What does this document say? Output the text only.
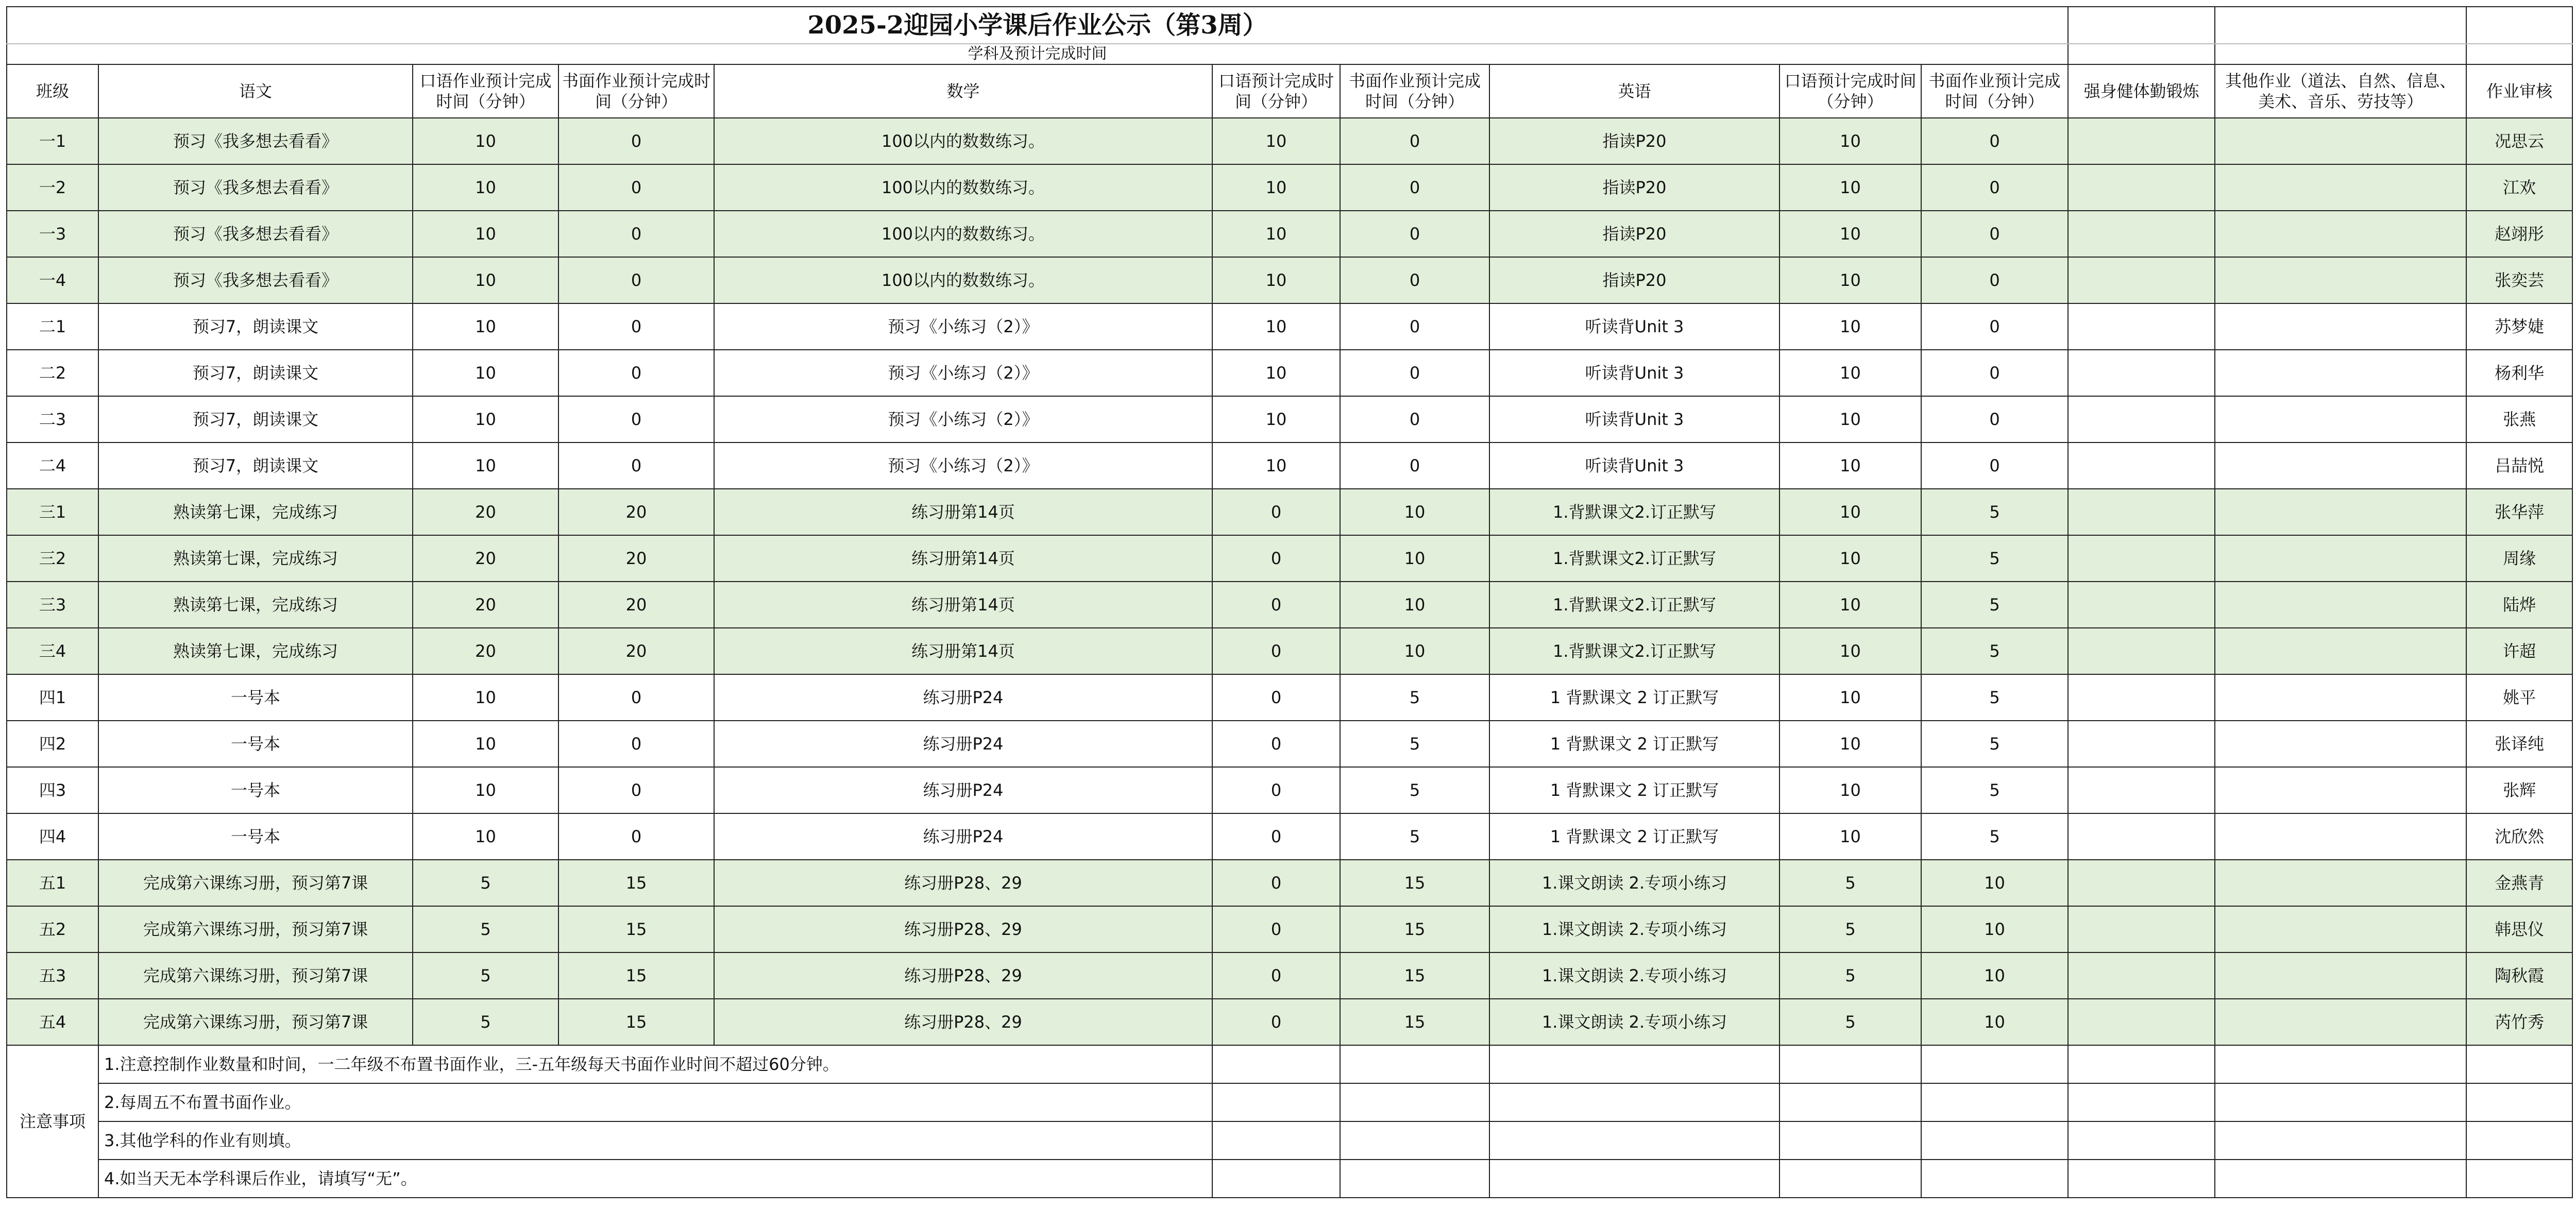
2025-2迎园小学课后作业公示（第3周）												
学科及预计完成时间												
班级	语文	口语作业预计完成时间（分钟）	书面作业预计完成时间（分钟）	数学	口语预计完成时间（分钟）	书面作业预计完成时间（分钟）	英语	口语预计完成时间（分钟）	书面作业预计完成时间（分钟）	强身健体勤锻炼	其他作业（道法、自然、信息、美术、音乐、劳技等）	作业审核
一1	预习《我多想去看看》	10	0	100以内的数数练习。	10	0	指读P20	10	0			况思云
一2	预习《我多想去看看》	10	0	100以内的数数练习。	10	0	指读P20	10	0			江欢
一3	预习《我多想去看看》	10	0	100以内的数数练习。	10	0	指读P20	10	0			赵翊彤
一4	预习《我多想去看看》	10	0	100以内的数数练习。	10	0	指读P20	10	0			张奕芸
二1	预习7，朗读课文	10	0	预习《小练习（2）》	10	0	听读背Unit 3	10	0			苏梦婕
二2	预习7，朗读课文	10	0	预习《小练习（2）》	10	0	听读背Unit 3	10	0			杨利华
二3	预习7，朗读课文	10	0	预习《小练习（2）》	10	0	听读背Unit 3	10	0			张燕
二4	预习7，朗读课文	10	0	预习《小练习（2）》	10	0	听读背Unit 3	10	0			吕喆悦
三1	熟读第七课，完成练习	20	20	练习册第14页	0	10	1.背默课文2.订正默写	10	5			张华萍
三2	熟读第七课，完成练习	20	20	练习册第14页	0	10	1.背默课文2.订正默写	10	5			周缘
三3	熟读第七课，完成练习	20	20	练习册第14页	0	10	1.背默课文2.订正默写	10	5			陆烨
三4	熟读第七课，完成练习	20	20	练习册第14页	0	10	1.背默课文2.订正默写	10	5			许超
四1	一号本	10	0	练习册P24	0	5	1 背默课文 2 订正默写	10	5			姚平
四2	一号本	10	0	练习册P24	0	5	1 背默课文 2 订正默写	10	5			张译纯
四3	一号本	10	0	练习册P24	0	5	1 背默课文 2 订正默写	10	5			张辉
四4	一号本	10	0	练习册P24	0	5	1 背默课文 2 订正默写	10	5			沈欣然
五1	完成第六课练习册，预习第7课	5	15	练习册P28、29	0	15	1.课文朗读 2.专项小练习	5	10			金燕青
五2	完成第六课练习册，预习第7课	5	15	练习册P28、29	0	15	1.课文朗读 2.专项小练习	5	10			韩思仪
五3	完成第六课练习册，预习第7课	5	15	练习册P28、29	0	15	1.课文朗读 2.专项小练习	5	10			陶秋霞
五4	完成第六课练习册，预习第7课	5	15	练习册P28、29	0	15	1.课文朗读 2.专项小练习	5	10			芮竹秀
注意事项	1.注意控制作业数量和时间，一二年级不布置书面作业，三-五年级每天书面作业时间不超过60分钟。											
	2.每周五不布置书面作业。											
	3.其他学科的作业有则填。											
	4.如当天无本学科课后作业，请填写“无”。											
